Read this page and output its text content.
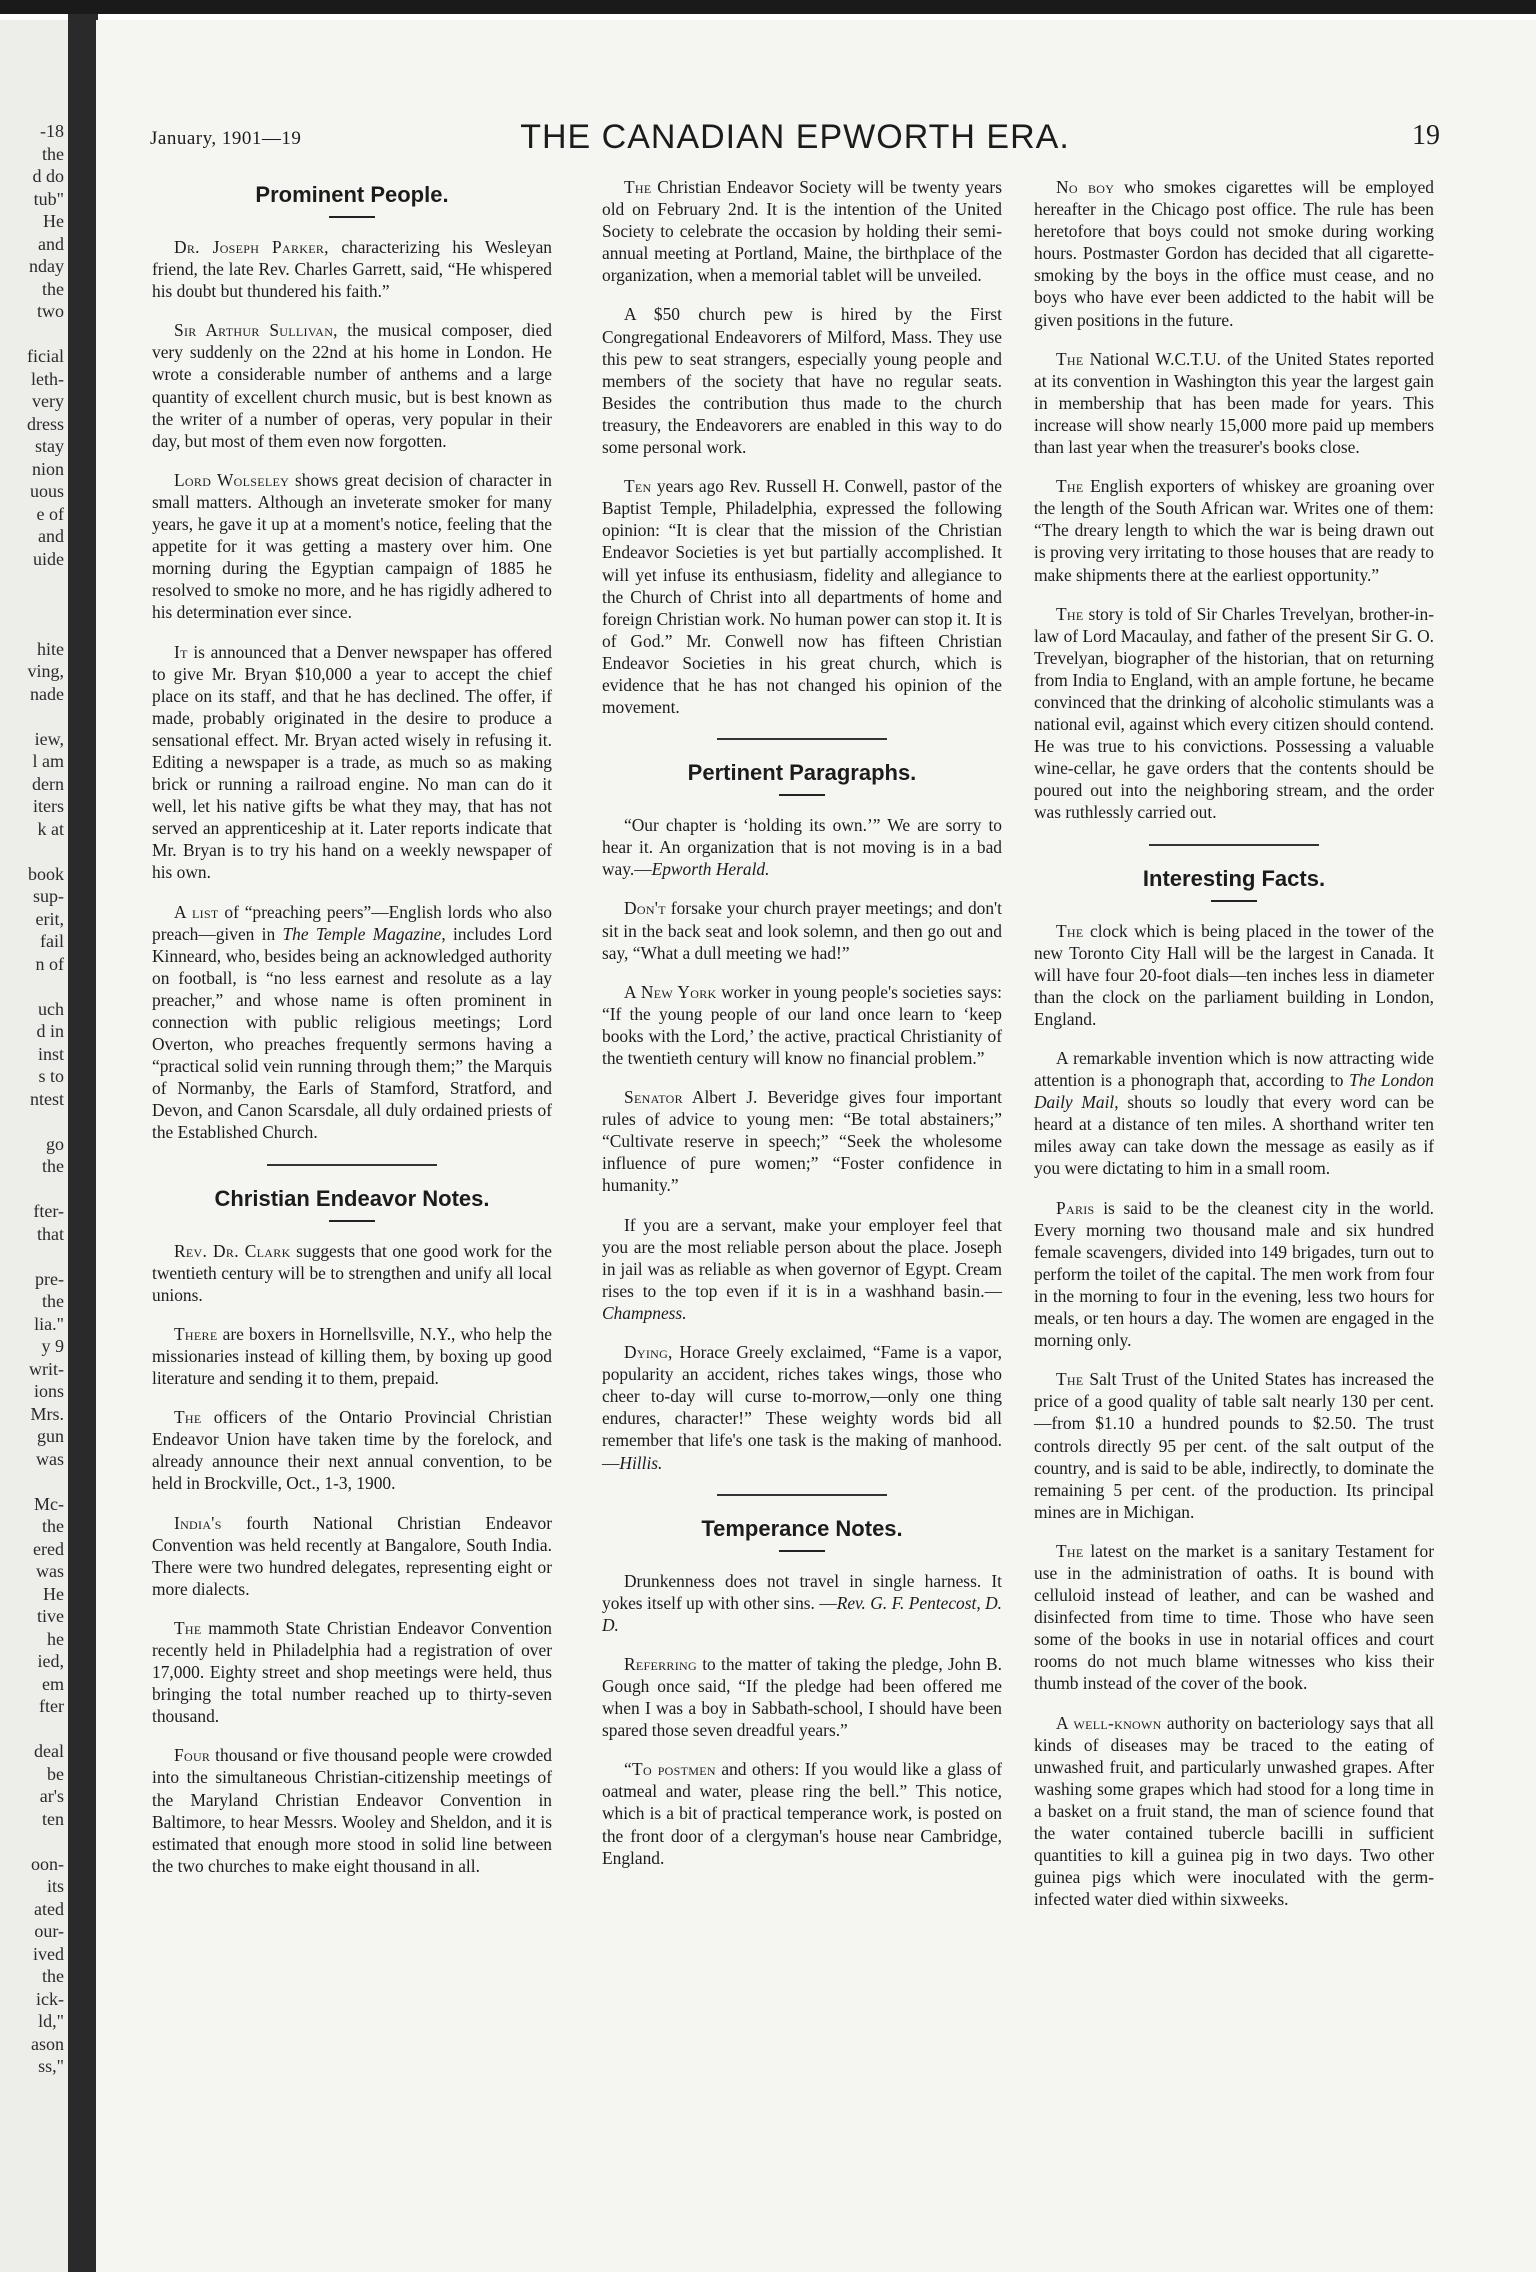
-18
the
d do
tub"
He
and
nday
the
two
ficial
leth-
very
dress
stay
nion
uous
e of
and
uide
hite
ving,
nade
iew,
l am
dern
iters
k at
book
sup-
erit,
fail
n of
uch
d in
inst
s to
ntest
go
the
fter-
that
pre-
the
lia."
y 9
writ-
ions
Mrs.
gun
was
Mc-
the
ered
was
He
tive
he
ied,
em
fter
deal
be
ar's
ten
oon-
its
ated
our-
ived
the
ick-
ld,"
ason
ss,"
January, 1901—19	THE CANADIAN EPWORTH ERA.	19
Prominent People.

Dr. Joseph Parker, characterizing his Wesleyan friend, the late Rev. Charles Garrett, said, “He whispered his doubt but thundered his faith.”

Sir Arthur Sullivan, the musical composer, died very suddenly on the 22nd at his home in London. He wrote a considerable number of anthems and a large quantity of excellent church music, but is best known as the writer of a number of operas, very popular in their day, but most of them even now forgotten.

Lord Wolseley shows great decision of character in small matters. Although an inveterate smoker for many years, he gave it up at a moment's notice, feeling that the appetite for it was getting a mastery over him. One morning during the Egyptian campaign of 1885 he resolved to smoke no more, and he has rigidly adhered to his determination ever since.

It is announced that a Denver newspaper has offered to give Mr. Bryan $10,000 a year to accept the chief place on its staff, and that he has declined. The offer, if made, probably originated in the desire to produce a sensational effect. Mr. Bryan acted wisely in refusing it. Editing a newspaper is a trade, as much so as making brick or running a railroad engine. No man can do it well, let his native gifts be what they may, that has not served an apprenticeship at it. Later reports indicate that Mr. Bryan is to try his hand on a weekly newspaper of his own.

A list of “preaching peers”—English lords who also preach—given in The Temple Magazine, includes Lord Kinneard, who, besides being an acknowledged authority on football, is “no less earnest and resolute as a lay preacher,” and whose name is often prominent in connection with public religious meetings; Lord Overton, who preaches frequently sermons having a “practical solid vein running through them;” the Marquis of Normanby, the Earls of Stamford, Stratford, and Devon, and Canon Scarsdale, all duly ordained priests of the Established Church.

Christian Endeavor Notes.

Rev. Dr. Clark suggests that one good work for the twentieth century will be to strengthen and unify all local unions.

There are boxers in Hornellsville, N.Y., who help the missionaries instead of killing them, by boxing up good literature and sending it to them, prepaid.

The officers of the Ontario Provincial Christian Endeavor Union have taken time by the forelock, and already announce their next annual convention, to be held in Brockville, Oct., 1-3, 1900.

India's fourth National Christian Endeavor Convention was held recently at Bangalore, South India. There were two hundred delegates, representing eight or more dialects.

The mammoth State Christian Endeavor Convention recently held in Philadelphia had a registration of over 17,000. Eighty street and shop meetings were held, thus bringing the total number reached up to thirty-seven thousand.

Four thousand or five thousand people were crowded into the simultaneous Christian-citizenship meetings of the Maryland Christian Endeavor Convention in Baltimore, to hear Messrs. Wooley and Sheldon, and it is estimated that enough more stood in solid line between the two churches to make eight thousand in all.

The Christian Endeavor Society will be twenty years old on February 2nd. It is the intention of the United Society to celebrate the occasion by holding their semi-annual meeting at Portland, Maine, the birthplace of the organization, when a memorial tablet will be unveiled.

A $50 church pew is hired by the First Congregational Endeavorers of Milford, Mass. They use this pew to seat strangers, especially young people and members of the society that have no regular seats. Besides the contribution thus made to the church treasury, the Endeavorers are enabled in this way to do some personal work.

Ten years ago Rev. Russell H. Conwell, pastor of the Baptist Temple, Philadelphia, expressed the following opinion: “It is clear that the mission of the Christian Endeavor Societies is yet but partially accomplished. It will yet infuse its enthusiasm, fidelity and allegiance to the Church of Christ into all departments of home and foreign Christian work. No human power can stop it. It is of God.” Mr. Conwell now has fifteen Christian Endeavor Societies in his great church, which is evidence that he has not changed his opinion of the movement.

Pertinent Paragraphs.

“Our chapter is ‘holding its own.’” We are sorry to hear it. An organization that is not moving is in a bad way.—Epworth Herald.

Don't forsake your church prayer meetings; and don't sit in the back seat and look solemn, and then go out and say, “What a dull meeting we had!”

A New York worker in young people's societies says: “If the young people of our land once learn to ‘keep books with the Lord,’ the active, practical Christianity of the twentieth century will know no financial problem.”

Senator Albert J. Beveridge gives four important rules of advice to young men: “Be total abstainers;” “Cultivate reserve in speech;” “Seek the wholesome influence of pure women;” “Foster confidence in humanity.”

If you are a servant, make your employer feel that you are the most reliable person about the place. Joseph in jail was as reliable as when governor of Egypt. Cream rises to the top even if it is in a washhand basin.—Champness.

Dying, Horace Greely exclaimed, “Fame is a vapor, popularity an accident, riches takes wings, those who cheer to-day will curse to-morrow,—only one thing endures, character!” These weighty words bid all remember that life's one task is the making of manhood.—Hillis.

Temperance Notes.

Drunkenness does not travel in single harness. It yokes itself up with other sins. —Rev. G. F. Pentecost, D. D.

Referring to the matter of taking the pledge, John B. Gough once said, “If the pledge had been offered me when I was a boy in Sabbath-school, I should have been spared those seven dreadful years.”

“To postmen and others: If you would like a glass of oatmeal and water, please ring the bell.” This notice, which is a bit of practical temperance work, is posted on the front door of a clergyman's house near Cambridge, England.

No boy who smokes cigarettes will be employed hereafter in the Chicago post office. The rule has been heretofore that boys could not smoke during working hours. Postmaster Gordon has decided that all cigarette-smoking by the boys in the office must cease, and no boys who have ever been addicted to the habit will be given positions in the future.

The National W.C.T.U. of the United States reported at its convention in Washington this year the largest gain in membership that has been made for years. This increase will show nearly 15,000 more paid up members than last year when the treasurer's books close.

The English exporters of whiskey are groaning over the length of the South African war. Writes one of them: “The dreary length to which the war is being drawn out is proving very irritating to those houses that are ready to make shipments there at the earliest opportunity.”

The story is told of Sir Charles Trevelyan, brother-in-law of Lord Macaulay, and father of the present Sir G. O. Trevelyan, biographer of the historian, that on returning from India to England, with an ample fortune, he became convinced that the drinking of alcoholic stimulants was a national evil, against which every citizen should contend. He was true to his convictions. Possessing a valuable wine-cellar, he gave orders that the contents should be poured out into the neighboring stream, and the order was ruthlessly carried out.

Interesting Facts.

The clock which is being placed in the tower of the new Toronto City Hall will be the largest in Canada. It will have four 20-foot dials—ten inches less in diameter than the clock on the parliament building in London, England.

A remarkable invention which is now attracting wide attention is a phonograph that, according to The London Daily Mail, shouts so loudly that every word can be heard at a distance of ten miles. A shorthand writer ten miles away can take down the message as easily as if you were dictating to him in a small room.

Paris is said to be the cleanest city in the world. Every morning two thousand male and six hundred female scavengers, divided into 149 brigades, turn out to perform the toilet of the capital. The men work from four in the morning to four in the evening, less two hours for meals, or ten hours a day. The women are engaged in the morning only.

The Salt Trust of the United States has increased the price of a good quality of table salt nearly 130 per cent.—from $1.10 a hundred pounds to $2.50. The trust controls directly 95 per cent. of the salt output of the country, and is said to be able, indirectly, to dominate the remaining 5 per cent. of the production. Its principal mines are in Michigan.

The latest on the market is a sanitary Testament for use in the administration of oaths. It is bound with celluloid instead of leather, and can be washed and disinfected from time to time. Those who have seen some of the books in use in notarial offices and court rooms do not much blame witnesses who kiss their thumb instead of the cover of the book.

A well-known authority on bacteriology says that all kinds of diseases may be traced to the eating of unwashed fruit, and particularly unwashed grapes. After washing some grapes which had stood for a long time in a basket on a fruit stand, the man of science found that the water contained tubercle bacilli in sufficient quantities to kill a guinea pig in two days. Two other guinea pigs which were inoculated with the germ-infected water died within sixweeks.
